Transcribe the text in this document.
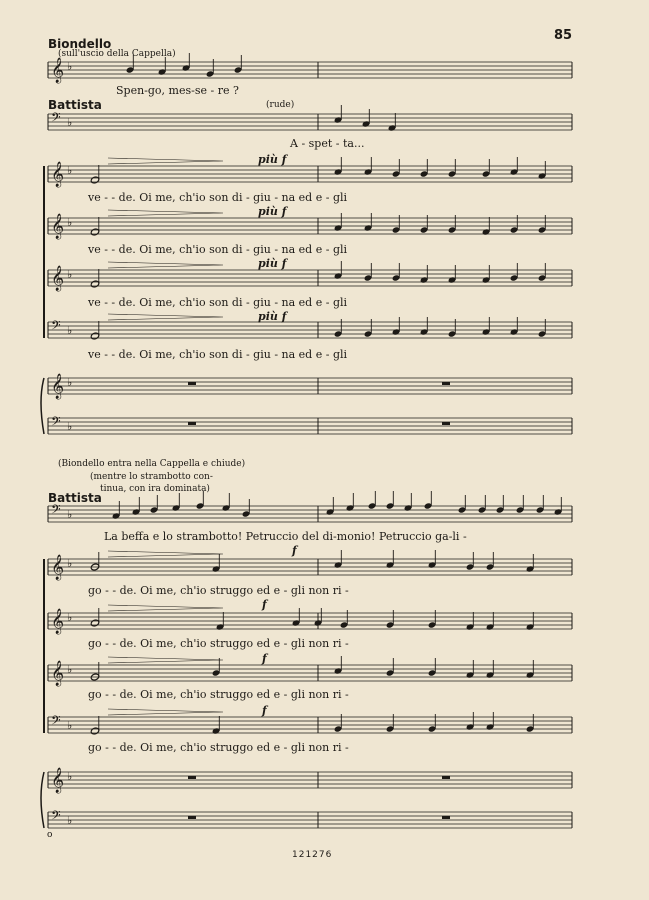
𝄞 ♭
𝄢 ♭
𝄞 ♭
𝄞 ♭
𝄞 ♭
𝄢 ♭
𝄞 ♭
𝄢 ♭
𝄢 ♭
𝄞 ♭
𝄞 ♭
𝄞 ♭
𝄢 ♭
𝄞 ♭
𝄢 ♭
85
Biondello
(sull'uscio della Cappella)
Spen-go, mes-se - re ?
Battista	(rude)
A - spet - ta...
più f
ve - - de. Oi me, ch'io son di - giu - na ed e - gli
più f
ve - - de. Oi me, ch'io son di - giu - na ed e - gli
più f
ve - - de. Oi me, ch'io son di - giu - na ed e - gli
più f
ve - - de. Oi me, ch'io son di - giu - na ed e - gli
(Biondello entra nella Cappella e chiude)
(mentre lo strambotto con-
tinua, con ira dominata)
Battista
La beffa e lo strambotto! Petruccio del di-monio! Petruccio ga-li -
f
go - - de. Oi me, ch'io struggo ed e - gli non ri -
f
go - - de. Oi me, ch'io struggo ed e - gli non ri -
f
go - - de. Oi me, ch'io struggo ed e - gli non ri -
f
go - - de. Oi me, ch'io struggo ed e - gli non ri -
o
121276
